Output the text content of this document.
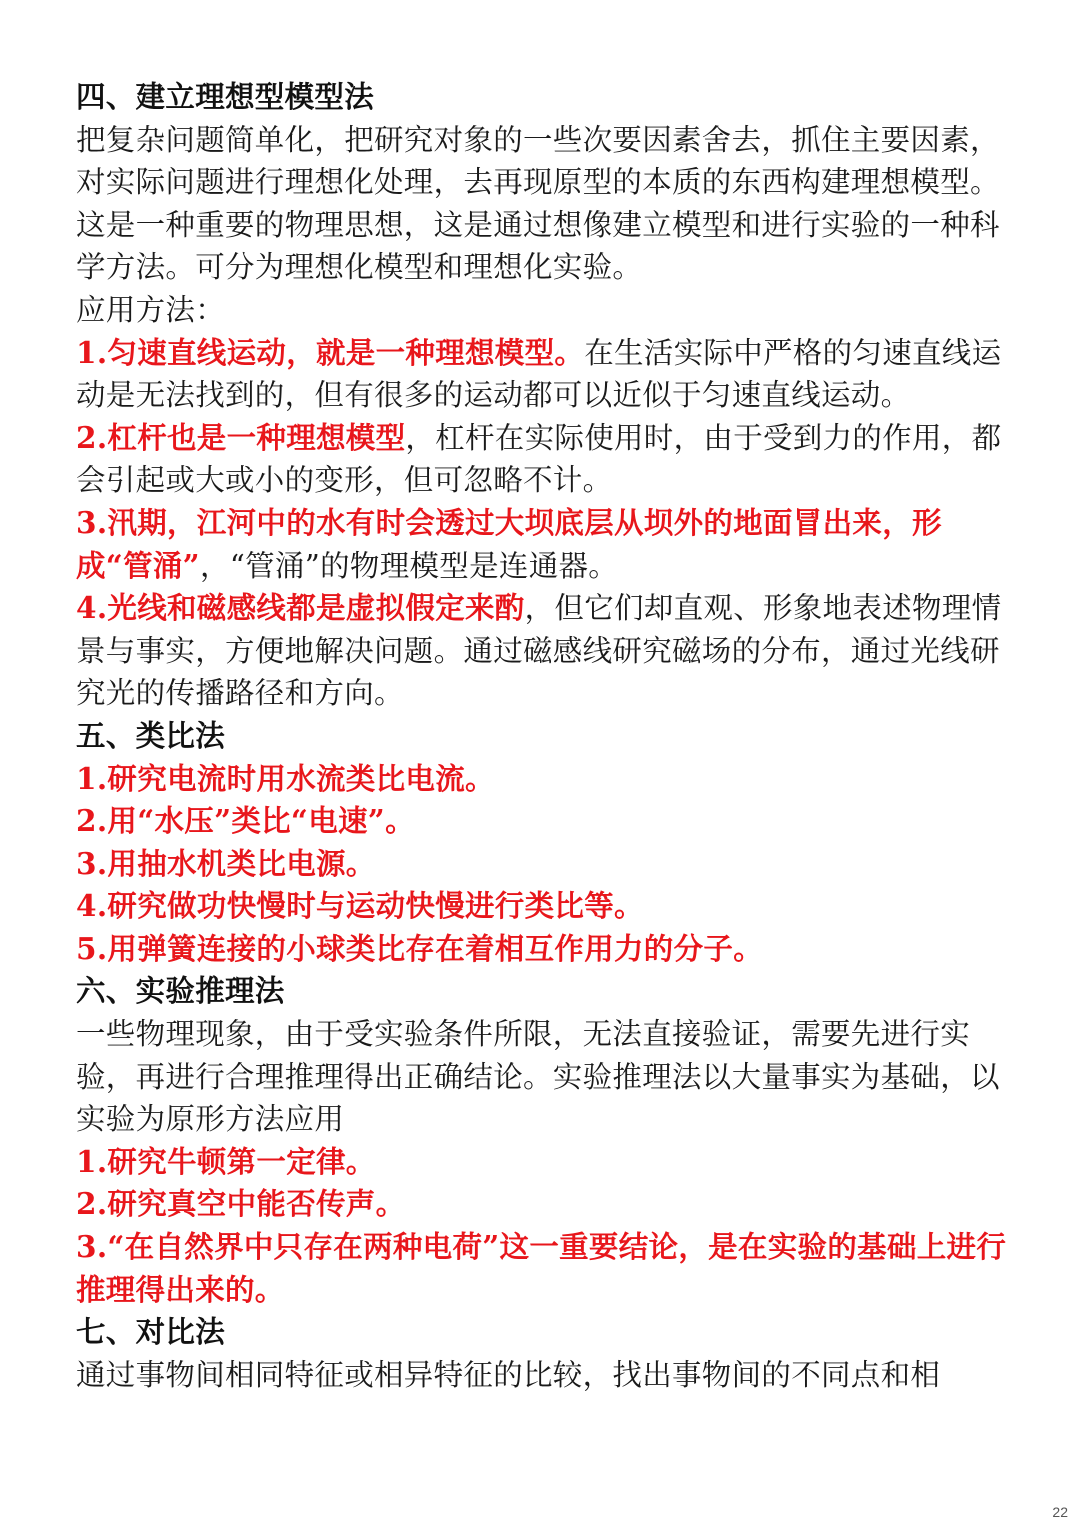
四、建立理想型模型法

把复杂问题简单化，把研究对象的一些次要因素舍去，抓住主要因素，对实际问题进行理想化处理，去再现原型的本质的东西构建理想模型。这是一种重要的物理思想，这是通过想像建立模型和进行实验的一种科学方法。可分为理想化模型和理想化实验。

应用方法：

1.匀速直线运动，就是一种理想模型。在生活实际中严格的匀速直线运动是无法找到的，但有很多的运动都可以近似于匀速直线运动。

2.杠杆也是一种理想模型，杠杆在实际使用时，由于受到力的作用，都会引起或大或小的变形，但可忽略不计。

3.汛期，江河中的水有时会透过大坝底层从坝外的地面冒出来，形成“管涌”，“管涌”的物理模型是连通器。

4.光线和磁感线都是虚拟假定来酌，但它们却直观、形象地表述物理情景与事实，方便地解决问题。通过磁感线研究磁场的分布，通过光线研究光的传播路径和方向。

五、类比法

1.研究电流时用水流类比电流。

2.用“水压”类比“电速”。

3.用抽水机类比电源。

4.研究做功快慢时与运动快慢进行类比等。

5.用弹簧连接的小球类比存在着相互作用力的分子。

六、实验推理法

一些物理现象，由于受实验条件所限，无法直接验证，需要先进行实验，再进行合理推理得出正确结论。实验推理法以大量事实为基础，以实验为原形方法应用

1.研究牛顿第一定律。

2.研究真空中能否传声。

3.“在自然界中只存在两种电荷”这一重要结论，是在实验的基础上进行推理得出来的。

七、对比法

通过事物间相同特征或相异特征的比较，找出事物间的不同点和相

22
